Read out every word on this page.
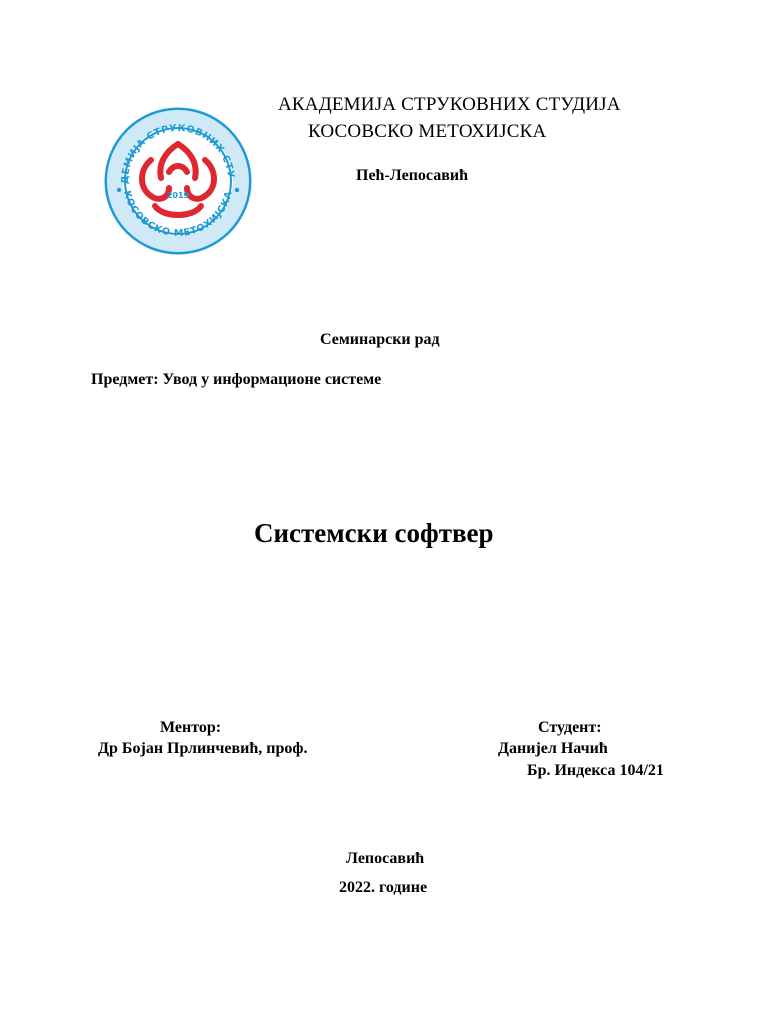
ДЕМИЈА СТРУКОВНИХ СТУ
КОСОВСКО МЕТОХИЈСКА
2019
АКАДЕМИЈА СТРУКОВНИХ СТУДИЈА
КОСОВСКО МЕТОХИЈСКА
Пећ-Лепосавић
Семинарски рад
Предмет: Увод у информационе системе
Системски софтвер
Ментор:
Др Бојан Прлинчевић, проф.
Студент:
Данијел Начић
Бр. Индекса 104/21
Лепосавић
2022. године
